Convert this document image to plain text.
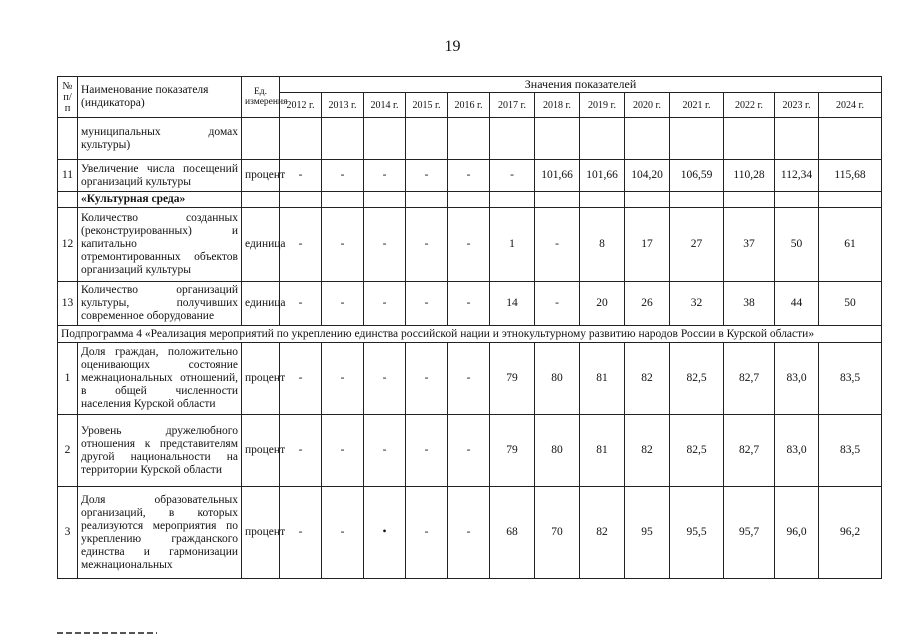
19
№ п/п	Наименование показателя (индикатора)	Ед. измерения	Значения показателей												
			2012 г.	2013 г.	2014 г.	2015 г.	2016 г.	2017 г.	2018 г.	2019 г.	2020 г.	2021 г.	2022 г.	2023 г.	2024 г.
	муниципальных домах культуры)														
11	Увеличение числа посещений организаций культуры	процент	-	-	-	-	-	-	101,66	101,66	104,20	106,59	110,28	112,34	115,68
	«Культурная среда»														
12	Количество созданных (реконструированных) и капитально отремонтированных объектов организаций культуры	единица	-	-	-	-	-	1	-	8	17	27	37	50	61
13	Количество организаций культуры, получивших современное оборудование	единица	-	-	-	-	-	14	-	20	26	32	38	44	50
Подпрограмма 4 «Реализация мероприятий по укреплению единства российской нации и этнокультурному развитию народов России в Курской области»															
1	Доля граждан, положительно оценивающих состояние межнациональных отношений, в общей численности населения Курской области	процент	-	-	-	-	-	79	80	81	82	82,5	82,7	83,0	83,5
2	Уровень дружелюбного отношения к представителям другой национальности на территории Курской области	процент	-	-	-	-	-	79	80	81	82	82,5	82,7	83,0	83,5
3	Доля образовательных организаций, в которых реализуются мероприятия по укреплению гражданского единства и гармонизации межнациональных	процент	-	-	•	-	-	68	70	82	95	95,5	95,7	96,0	96,2
